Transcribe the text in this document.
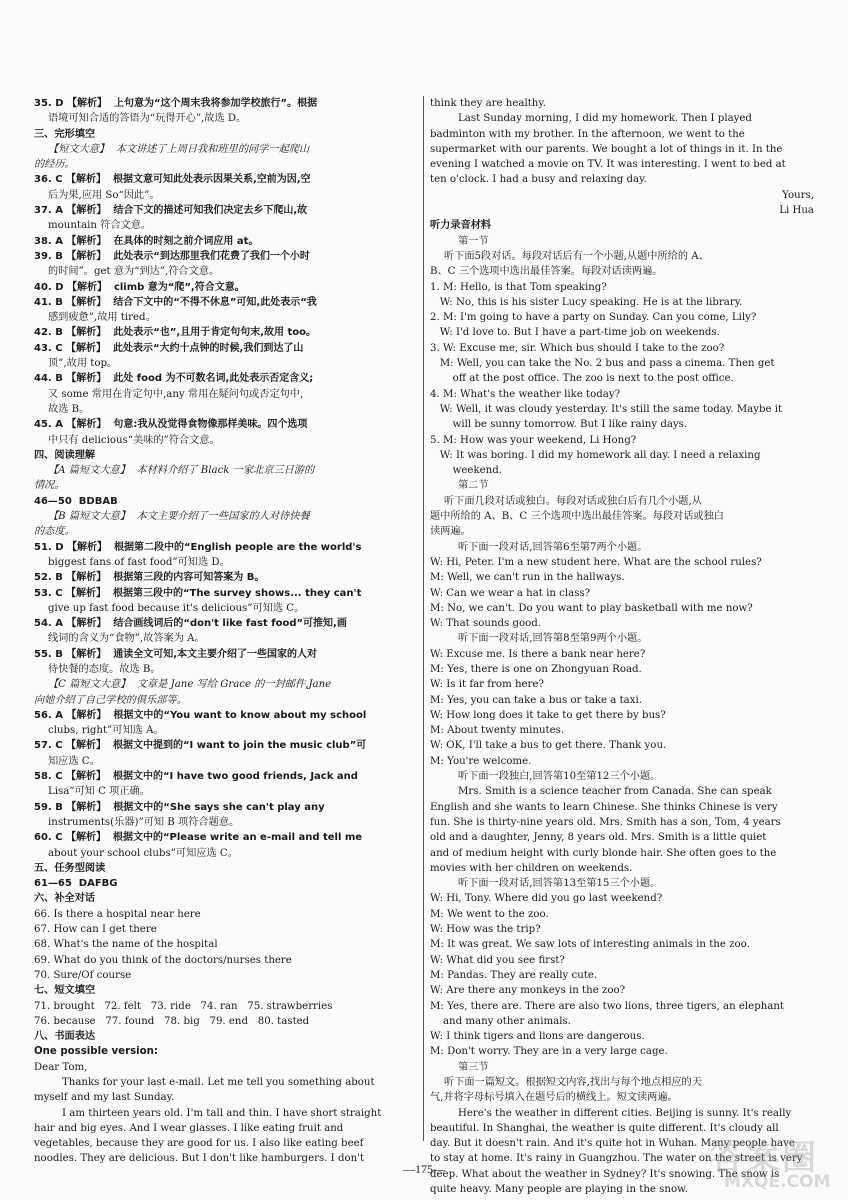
35. D 【解析】  上句意为“这个周末我将参加学校旅行”。根据
语境可知合适的答语为“玩得开心”,故选 D。
三、完形填空
【短文大意】  本文讲述了上周日我和班里的同学一起爬山
的经历。
36. C 【解析】  根据文意可知此处表示因果关系,空前为因,空
后为果,应用 So“因此”。
37. A 【解析】  结合下文的描述可知我们决定去乡下爬山,故
mountain 符合文意。
38. A 【解析】  在具体的时刻之前介词应用 at。
39. B 【解析】  此处表示“到达那里我们花费了我们一个小时
的时间”。get 意为“到达”,符合文意。
40. D 【解析】  climb 意为“爬”,符合文意。
41. B 【解析】  结合下文中的“不得不休息”可知,此处表示“我
感到疲惫”,故用 tired。
42. B 【解析】  此处表示“也”,且用于肯定句句末,故用 too。
43. C 【解析】  此处表示“大约十点钟的时候,我们到达了山
顶”,故用 top。
44. B 【解析】  此处 food 为不可数名词,此处表示否定含义;
又 some 常用在肯定句中,any 常用在疑问句或否定句中,
故选 B。
45. A 【解析】  句意:我从没觉得食物像那样美味。四个选项
中只有 delicious“美味的”符合文意。
四、阅读理解
【A 篇短文大意】  本材料介绍了 Black 一家北京三日游的
情况。
46—50  BDBAB
【B 篇短文大意】  本文主要介绍了一些国家的人对待快餐
的态度。
51. D 【解析】  根据第二段中的“English people are the world's
biggest fans of fast food”可知选 D。
52. B 【解析】  根据第三段的内容可知答案为 B。
53. C 【解析】  根据第三段中的“The survey shows... they can't
give up fast food because it's delicious”可知选 C。
54. A 【解析】  结合画线词后的“don't like fast food”可推知,画
线词的含义为“食物”,故答案为 A。
55. B 【解析】  通读全文可知,本文主要介绍了一些国家的人对
待快餐的态度。故选 B。
【C 篇短文大意】  文章是 Jane 写给 Grace 的一封邮件,Jane
向她介绍了自己学校的俱乐部等。
56. A 【解析】  根据文中的“You want to know about my school
clubs, right”可知选 A。
57. C 【解析】  根据文中提到的“I want to join the music club”可
知应选 C。
58. C 【解析】  根据文中的“I have two good friends, Jack and
Lisa”可知 C 项正确。
59. B 【解析】  根据文中的“She says she can't play any
instruments(乐器)”可知 B 项符合题意。
60. C 【解析】  根据文中的“Please write an e-mail and tell me
about your school clubs”可知应选 C。
五、任务型阅读
61—65  DAFBG
六、补全对话
66. Is there a hospital near here
67. How can I get there
68. What's the name of the hospital
69. What do you think of the doctors/nurses there
70. Sure/Of course
七、短文填空
71. brought   72. felt   73. ride   74. ran   75. strawberries
76. because   77. found   78. big   79. end   80. tasted
八、书面表达
One possible version:
Dear Tom,
Thanks for your last e-mail. Let me tell you something about
myself and my last Sunday.
I am thirteen years old. I'm tall and thin. I have short straight
hair and big eyes. And I wear glasses. I like eating fruit and
vegetables, because they are good for us. I also like eating beef
noodles. They are delicious. But I don't like hamburgers. I don't
think they are healthy.
Last Sunday morning, I did my homework. Then I played
badminton with my brother. In the afternoon, we went to the
supermarket with our parents. We bought a lot of things in it. In the
evening I watched a movie on TV. It was interesting. I went to bed at
ten o'clock. I had a busy and relaxing day.
Yours,
Li Hua
听力录音材料
第一节
听下面5段对话。每段对话后有一个小题,从题中所给的 A、
B、C 三个选项中选出最佳答案。每段对话读两遍。
1. M: Hello, is that Tom speaking?
W: No, this is his sister Lucy speaking. He is at the library.
2. M: I'm going to have a party on Sunday. Can you come, Lily?
W: I'd love to. But I have a part-time job on weekends.
3. W: Excuse me, sir. Which bus should I take to the zoo?
M: Well, you can take the No. 2 bus and pass a cinema. Then get
off at the post office. The zoo is next to the post office.
4. M: What's the weather like today?
W: Well, it was cloudy yesterday. It's still the same today. Maybe it
will be sunny tomorrow. But I like rainy days.
5. M: How was your weekend, Li Hong?
W: It was boring. I did my homework all day. I need a relaxing
weekend.
第二节
听下面几段对话或独白。每段对话或独白后有几个小题,从
题中所给的 A、B、C 三个选项中选出最佳答案。每段对话或独白
读两遍。
听下面一段对话,回答第6至第7两个小题。
W: Hi, Peter. I'm a new student here. What are the school rules?
M: Well, we can't run in the hallways.
W: Can we wear a hat in class?
M: No, we can't. Do you want to play basketball with me now?
W: That sounds good.
听下面一段对话,回答第8至第9两个小题。
W: Excuse me. Is there a bank near here?
M: Yes, there is one on Zhongyuan Road.
W: Is it far from here?
M: Yes, you can take a bus or take a taxi.
W: How long does it take to get there by bus?
M: About twenty minutes.
W: OK, I'll take a bus to get there. Thank you.
M: You're welcome.
听下面一段独白,回答第10至第12三个小题。
Mrs. Smith is a science teacher from Canada. She can speak
English and she wants to learn Chinese. She thinks Chinese is very
fun. She is thirty-nine years old. Mrs. Smith has a son, Tom, 4 years
old and a daughter, Jenny, 8 years old. Mrs. Smith is a little quiet
and of medium height with curly blonde hair. She often goes to the
movies with her children on weekends.
听下面一段对话,回答第13至第15三个小题。
W: Hi, Tony. Where did you go last weekend?
M: We went to the zoo.
W: How was the trip?
M: It was great. We saw lots of interesting animals in the zoo.
W: What did you see first?
M: Pandas. They are really cute.
W: Are there any monkeys in the zoo?
M: Yes, there are. There are also two lions, three tigers, an elephant
and many other animals.
W: I think tigers and lions are dangerous.
M: Don't worry. They are in a very large cage.
第三节
听下面一篇短文。根据短文内容,找出与每个地点相应的天
气,并将字母标号填入在题号后的横线上。短文读两遍。
Here's the weather in different cities. Beijing is sunny. It's really
beautiful. In Shanghai, the weather is quite different. It's cloudy all
day. But it doesn't rain. And it's quite hot in Wuhan. Many people have
to stay at home. It's rainy in Guangzhou. The water on the street is very
deep. What about the weather in Sydney? It's snowing. The snow is
quite heavy. Many people are playing in the snow.
—175—	答案圈
MXQE.COM
